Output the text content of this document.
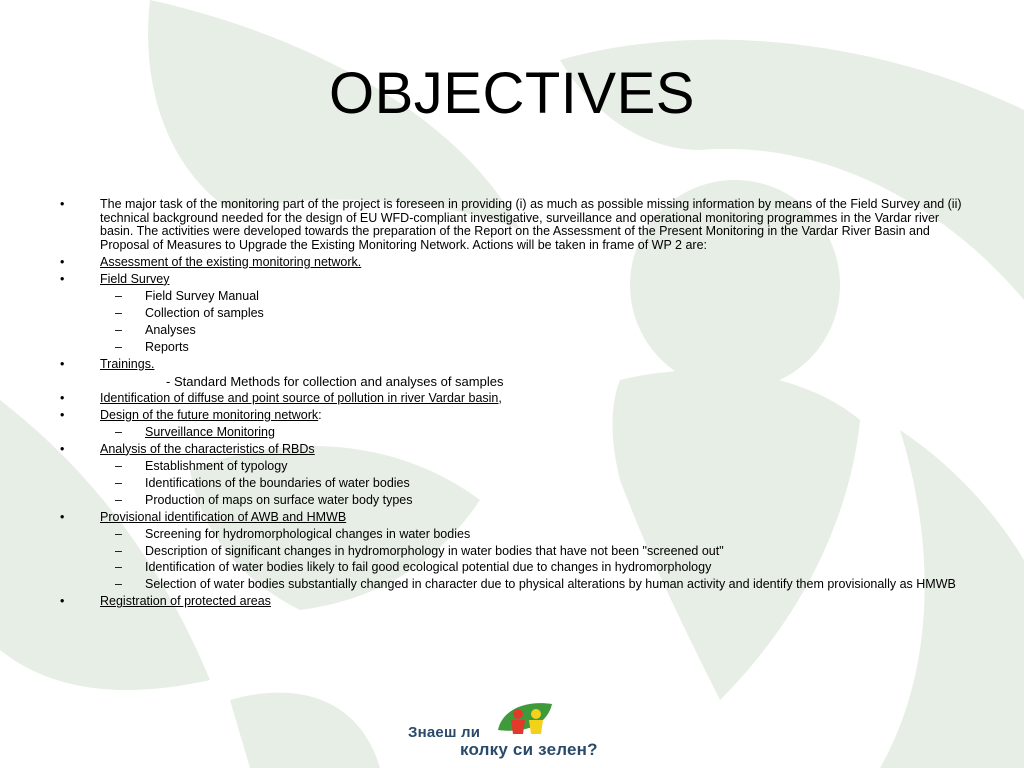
OBJECTIVES
•	The major task of the monitoring part of the project is foreseen in providing (i) as much as possible missing information by means of the Field Survey and (ii) technical background needed for the design of EU WFD-compliant investigative, surveillance and operational monitoring programmes in the Vardar river basin. The activities were developed towards the preparation of the Report on the Assessment of the Present Monitoring in the Vardar River Basin and Proposal of Measures to Upgrade the Existing Monitoring Network. Actions will be taken in frame of WP 2 are:
•	Assessment of the existing monitoring network.
•	Field Survey
–	Field Survey Manual
–	Collection of samples
–	Analyses
–	Reports
•	Trainings.
- Standard Methods for collection and analyses of samples
•	Identification of diffuse and point source of pollution in river Vardar basin,
•	Design of the future monitoring network:
–	Surveillance Monitoring
•	Analysis of the characteristics of RBDs
–	Establishment of typology
–	Identifications of the boundaries of water bodies
–	Production of maps on surface water body types
•	Provisional identification of AWB and HMWB
–	Screening for hydromorphological changes in water bodies
–	Description of significant changes in hydromorphology in water bodies that have not been "screened out"
–	Identification of water bodies likely to fail good ecological potential due to changes in hydromorphology
–	Selection of water bodies substantially changed in character due to physical alterations by human activity and identify them provisionally as HMWB
•	Registration of protected areas
Знаеш ли
колку си зелен?
